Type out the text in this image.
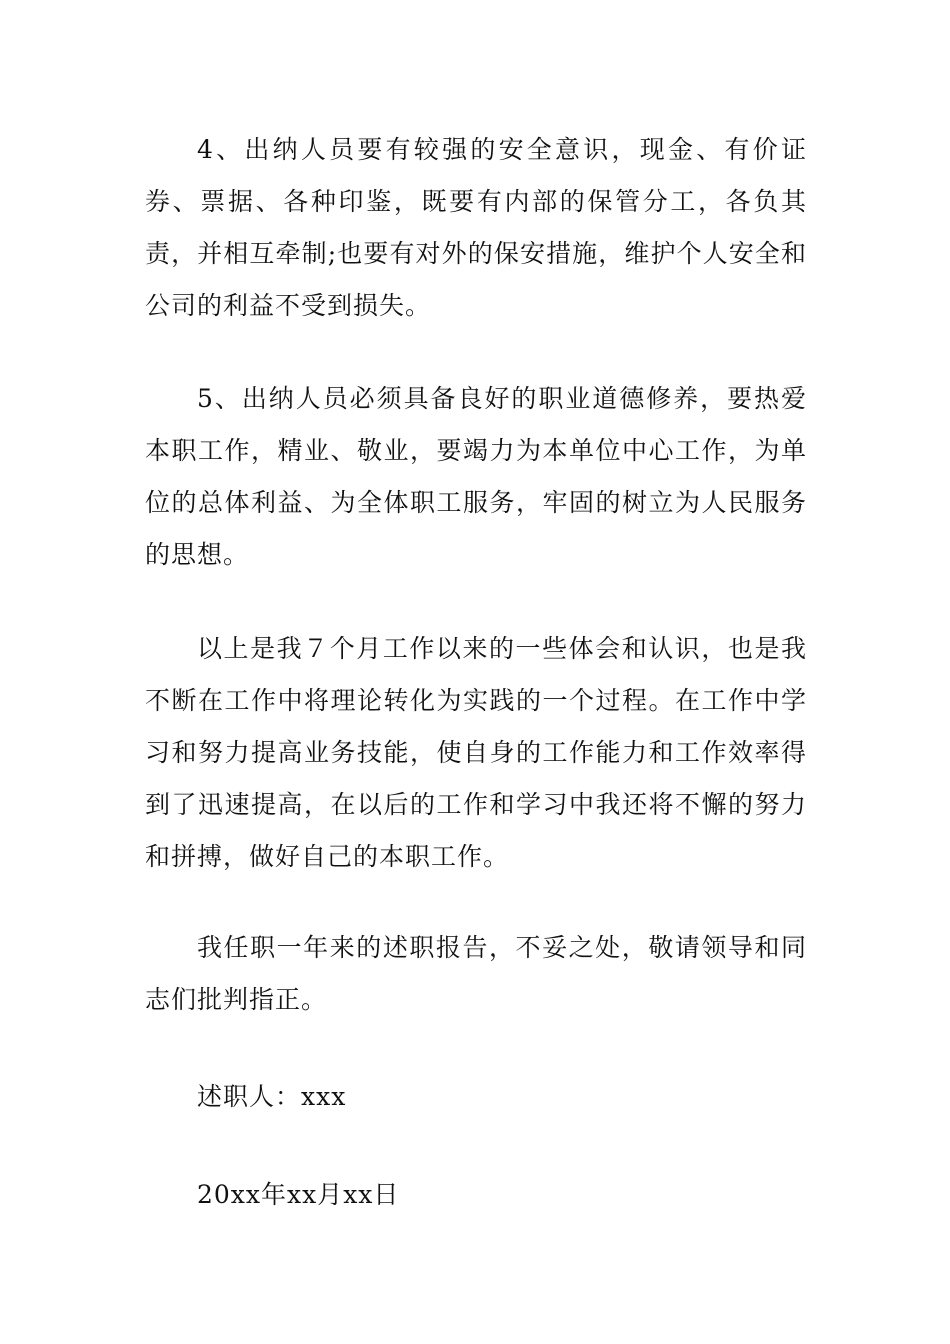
4、出纳人员要有较强的安全意识，现金、有价证券、票据、各种印鉴，既要有内部的保管分工，各负其责，并相互牵制;也要有对外的保安措施，维护个人安全和公司的利益不受到损失。

5、出纳人员必须具备良好的职业道德修养，要热爱本职工作，精业、敬业，要竭力为本单位中心工作，为单位的总体利益、为全体职工服务，牢固的树立为人民服务的思想。

以上是我７个月工作以来的一些体会和认识，也是我不断在工作中将理论转化为实践的一个过程。在工作中学习和努力提高业务技能，使自身的工作能力和工作效率得到了迅速提高，在以后的工作和学习中我还将不懈的努力和拼搏，做好自己的本职工作。

我任职一年来的述职报告，不妥之处，敬请领导和同志们批判指正。

述职人：xxx

20xx年xx月xx日
